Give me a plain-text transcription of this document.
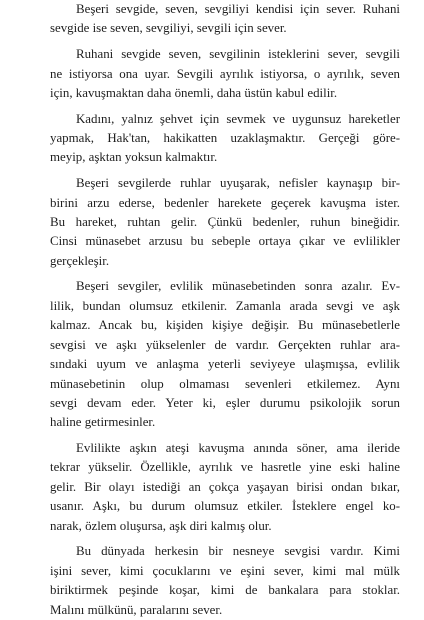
Beşeri sevgide, seven, sevgiliyi kendisi için sever. Ruhani
sevgide ise seven, sevgiliyi, sevgili için sever.

Ruhani sevgide seven, sevgilinin isteklerini sever, sevgili
ne istiyorsa ona uyar. Sevgili ayrılık istiyorsa, o ayrılık, seven
için, kavuşmaktan daha önemli, daha üstün kabul edilir.

Kadını, yalnız şehvet için sevmek ve uygunsuz hareketler
yapmak, Hak'tan, hakikatten uzaklaşmaktır. Gerçeği göre-
meyip, aşktan yoksun kalmaktır.

Beşeri sevgilerde ruhlar uyuşarak, nefisler kaynaşıp bir-
birini arzu ederse, bedenler harekete geçerek kavuşma ister.
Bu hareket, ruhtan gelir. Çünkü bedenler, ruhun bineğidir.
Cinsi münasebet arzusu bu sebeple ortaya çıkar ve evlilikler
gerçekleşir.

Beşeri sevgiler, evlilik münasebetinden sonra azalır. Ev-
lilik, bundan olumsuz etkilenir. Zamanla arada sevgi ve aşk
kalmaz. Ancak bu, kişiden kişiye değişir. Bu münasebetlerle
sevgisi ve aşkı yükselenler de vardır. Gerçekten ruhlar ara-
sındaki uyum ve anlaşma yeterli seviyeye ulaşmışsa, evlilik
münasebetinin olup olmaması sevenleri etkilemez. Aynı
sevgi devam eder. Yeter ki, eşler durumu psikolojik sorun
haline getirmesinler.

Evlilikte aşkın ateşi kavuşma anında söner, ama ileride
tekrar yükselir. Özellikle, ayrılık ve hasretle yine eski haline
gelir. Bir olayı istediği an çokça yaşayan birisi ondan bıkar,
usanır. Aşkı, bu durum olumsuz etkiler. İsteklere engel ko-
narak, özlem oluşursa, aşk diri kalmış olur.

Bu dünyada herkesin bir nesneye sevgisi vardır. Kimi
işini sever, kimi çocuklarını ve eşini sever, kimi mal mülk
biriktirmek peşinde koşar, kimi de bankalara para stoklar.
Malını mülkünü, paralarını sever.
